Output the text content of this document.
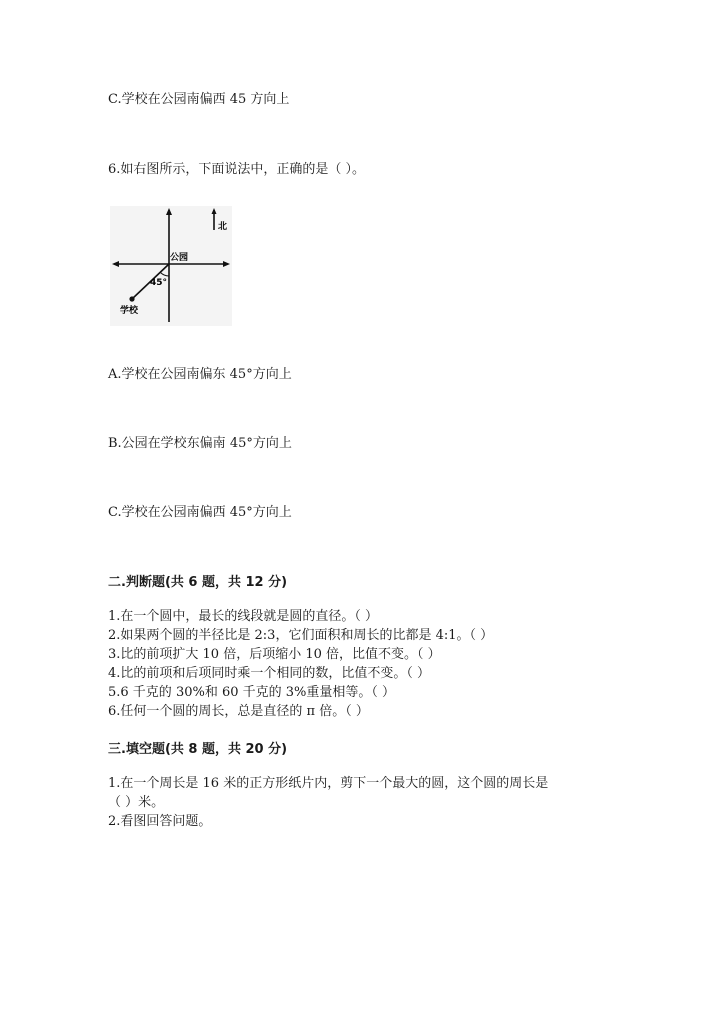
C.学校在公园南偏西 45 方向上
6.如右图所示，下面说法中，正确的是（ ）。
北
公园
45°
学校
A.学校在公园南偏东 45°方向上
B.公园在学校东偏南 45°方向上
C.学校在公园南偏西 45°方向上
二.判断题(共 6 题，共 12 分)
1.在一个圆中，最长的线段就是圆的直径。（ ）
2.如果两个圆的半径比是 2:3，它们面积和周长的比都是 4:1。（ ）
3.比的前项扩大 10 倍，后项缩小 10 倍，比值不变。（ ）
4.比的前项和后项同时乘一个相同的数，比值不变。（ ）
5.6 千克的 30%和 60 千克的 3%重量相等。（ ）
6.任何一个圆的周长，总是直径的 π 倍。（ ）
三.填空题(共 8 题，共 20 分)
1.在一个周长是 16 米的正方形纸片内，剪下一个最大的圆，这个圆的周长是
（ ）米。
2.看图回答问题。
